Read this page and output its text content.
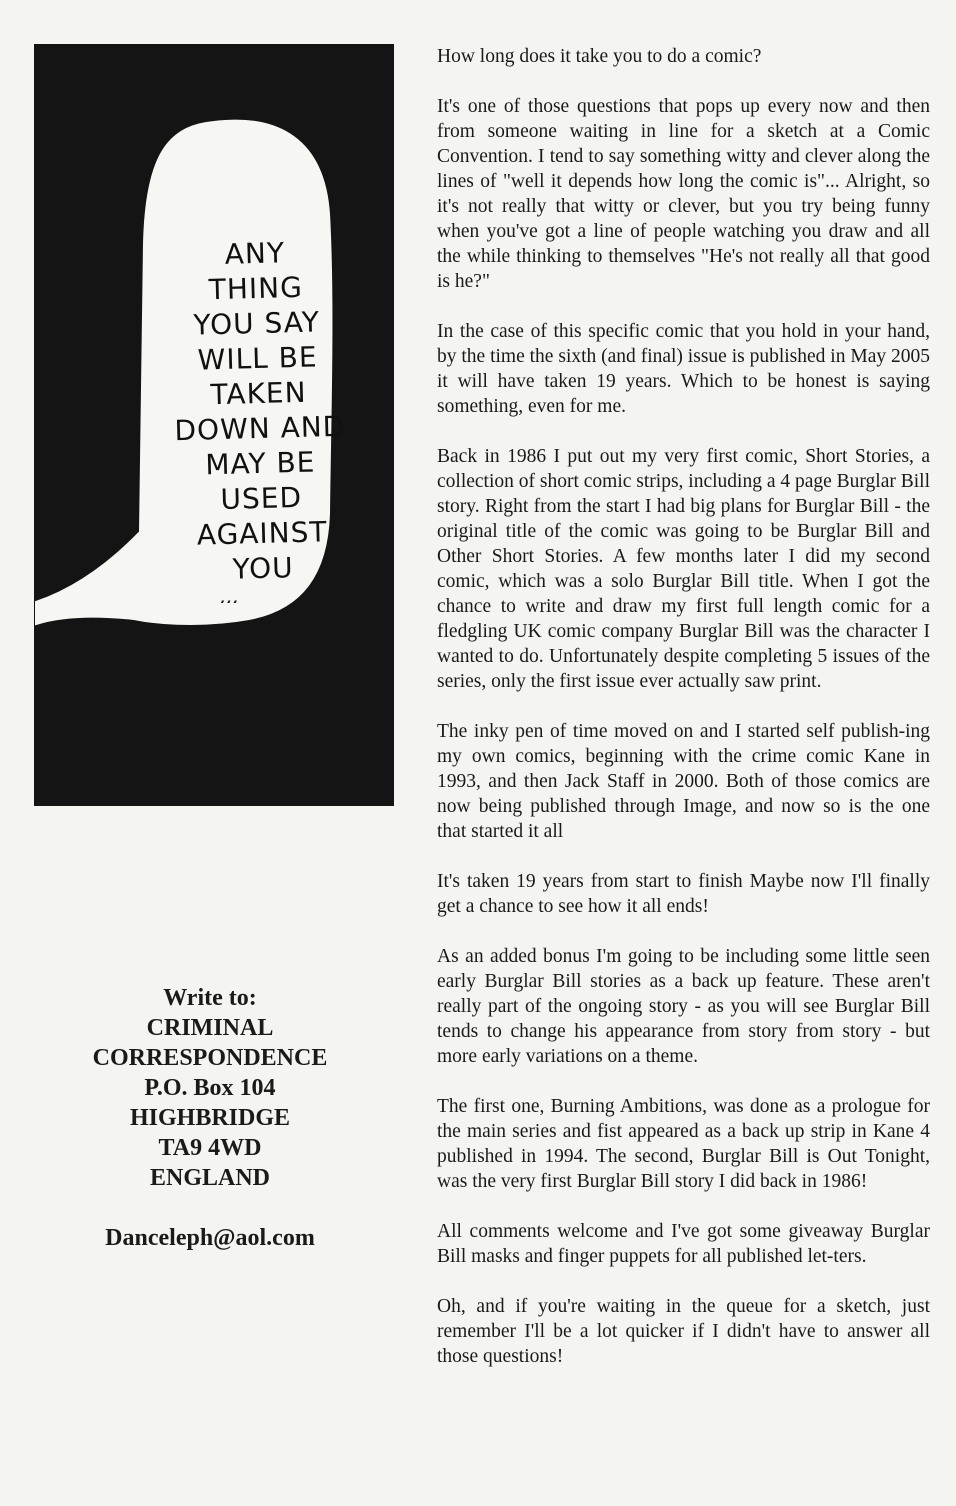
ANY
THING
YOU SAY
WILL BE
TAKEN
DOWN AND
MAY BE
USED
AGAINST
YOU
...
Write to:
CRIMINAL
CORRESPONDENCE
P.O. Box 104
HIGHBRIDGE
TA9 4WD
ENGLAND
Danceleph@aol.com

How long does it take you to do a comic?

It's one of those questions that pops up every now and then from someone waiting in line for a sketch at a Comic Convention. I tend to say something witty and clever along the lines of "well it depends how long the comic is"... Alright, so it's not really that witty or clever, but you try being funny when you've got a line of people watching you draw and all the while thinking to themselves "He's not really all that good is he?"

In the case of this specific comic that you hold in your hand, by the time the sixth (and final) issue is published in May 2005 it will have taken 19 years. Which to be honest is saying something, even for me.

Back in 1986 I put out my very first comic, Short Stories, a collection of short comic strips, including a 4 page Burglar Bill story. Right from the start I had big plans for Burglar Bill - the original title of the comic was going to be Burglar Bill and Other Short Stories. A few months later I did my second comic, which was a solo Burglar Bill title. When I got the chance to write and draw my first full length comic for a fledgling UK comic company Burglar Bill was the character I wanted to do. Unfortunately despite completing 5 issues of the series, only the first issue ever actually saw print.

The inky pen of time moved on and I started self publish-ing my own comics, beginning with the crime comic Kane in 1993, and then Jack Staff in 2000. Both of those comics are now being published through Image, and now so is the one that started it all

It's taken 19 years from start to finish Maybe now I'll finally get a chance to see how it all ends!

As an added bonus I'm going to be including some little seen early Burglar Bill stories as a back up feature. These aren't really part of the ongoing story - as you will see Burglar Bill tends to change his appearance from story from story - but more early variations on a theme.

The first one, Burning Ambitions, was done as a prologue for the main series and fist appeared as a back up strip in Kane 4 published in 1994. The second, Burglar Bill is Out Tonight, was the very first Burglar Bill story I did back in 1986!

All comments welcome and I've got some giveaway Burglar Bill masks and finger puppets for all published let-ters.

Oh, and if you're waiting in the queue for a sketch, just remember I'll be a lot quicker if I didn't have to answer all those questions!
